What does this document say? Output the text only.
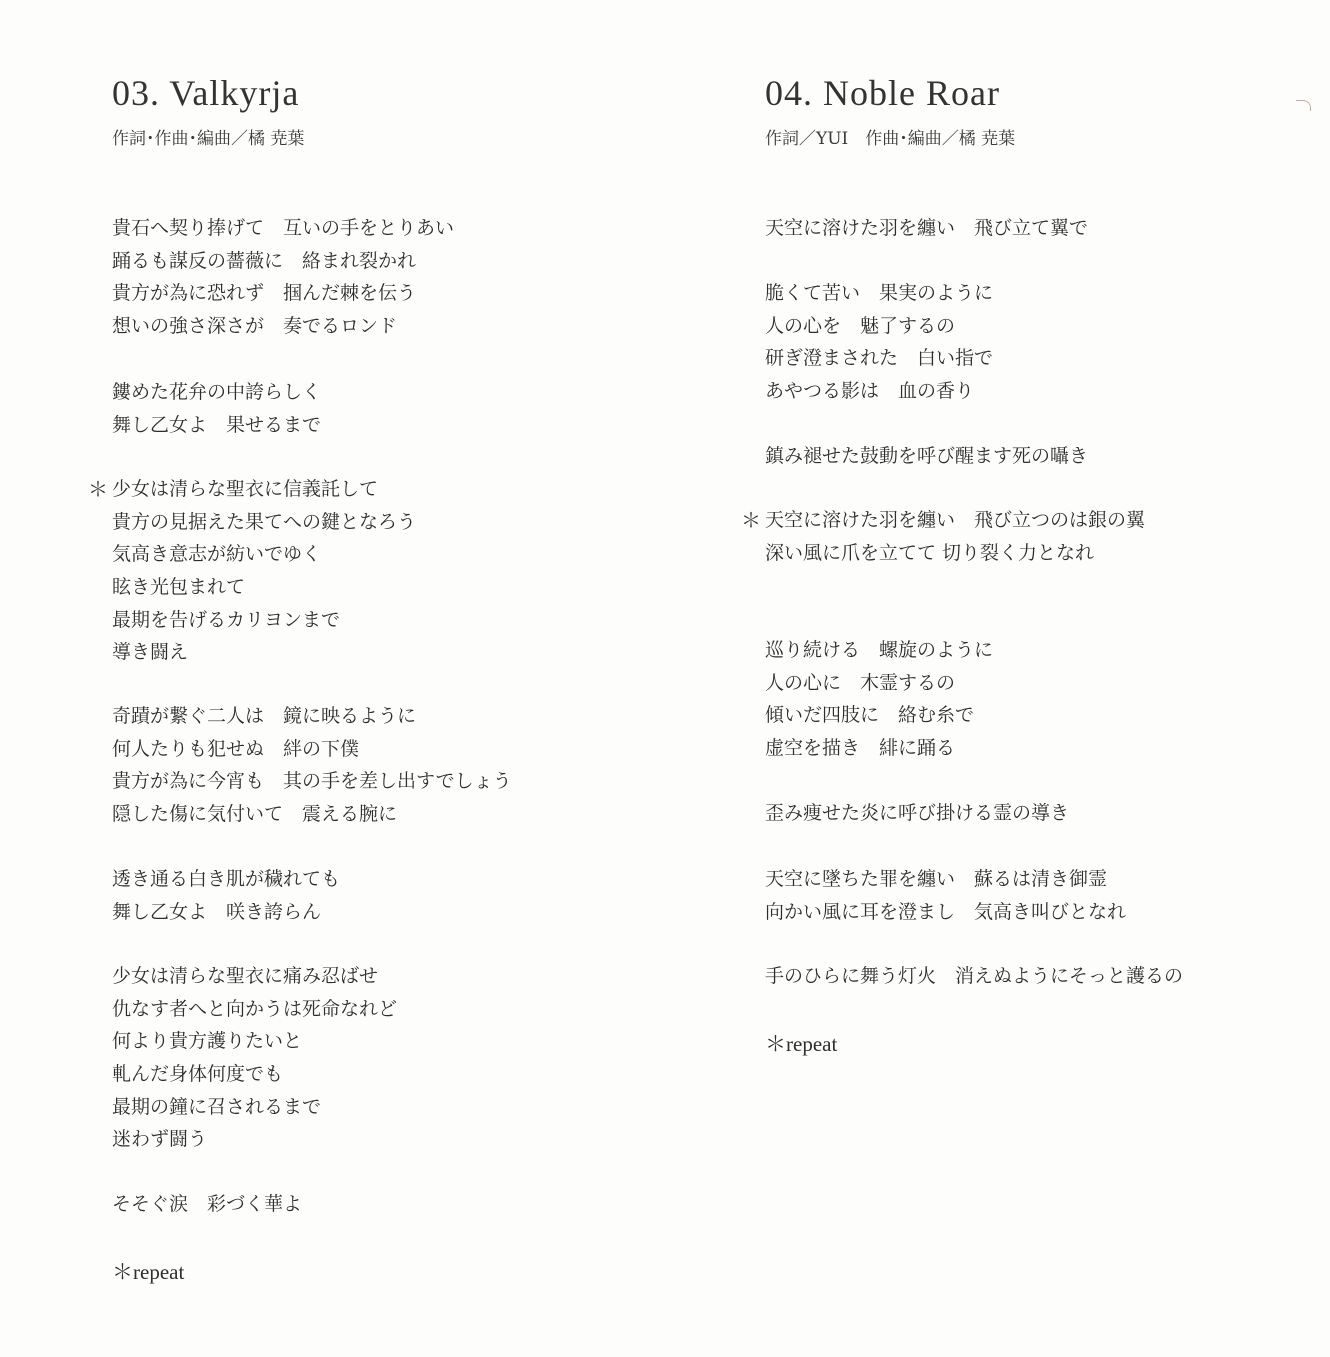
03. Valkyrja
作詞･作曲･編曲／橘 尭葉
貴石へ契り捧げて　互いの手をとりあい
踊るも謀反の薔薇に　絡まれ裂かれ
貴方が為に恐れず　掴んだ棘を伝う
想いの強さ深さが　奏でるロンド
鏤めた花弁の中誇らしく
舞し乙女よ　果せるまで
＊ 少女は清らな聖衣に信義託して
貴方の見据えた果てへの鍵となろう
気高き意志が紡いでゆく
眩き光包まれて
最期を告げるカリヨンまで
導き闘え
奇蹟が繋ぐ二人は　鏡に映るように
何人たりも犯せぬ　絆の下僕
貴方が為に今宵も　其の手を差し出すでしょう
隠した傷に気付いて　震える腕に
透き通る白き肌が穢れても
舞し乙女よ　咲き誇らん
少女は清らな聖衣に痛み忍ばせ
仇なす者へと向かうは死命なれど
何より貴方護りたいと
軋んだ身体何度でも
最期の鐘に召されるまで
迷わず闘う
そそぐ涙　彩づく華よ
＊repeat
04. Noble Roar
作詞／YUI　作曲･編曲／橘 尭葉
天空に溶けた羽を纏い　飛び立て翼で
脆くて苦い　果実のように
人の心を　魅了するの
研ぎ澄まされた　白い指で
あやつる影は　血の香り
鎮み褪せた鼓動を呼び醒ます死の囁き
＊ 天空に溶けた羽を纏い　飛び立つのは銀の翼
深い風に爪を立てて 切り裂く力となれ
巡り続ける　螺旋のように
人の心に　木霊するの
傾いだ四肢に　絡む糸で
虚空を描き　緋に踊る
歪み痩せた炎に呼び掛ける霊の導き
天空に墜ちた罪を纏い　蘇るは清き御霊
向かい風に耳を澄まし　気高き叫びとなれ
手のひらに舞う灯火　消えぬようにそっと護るの
＊repeat
